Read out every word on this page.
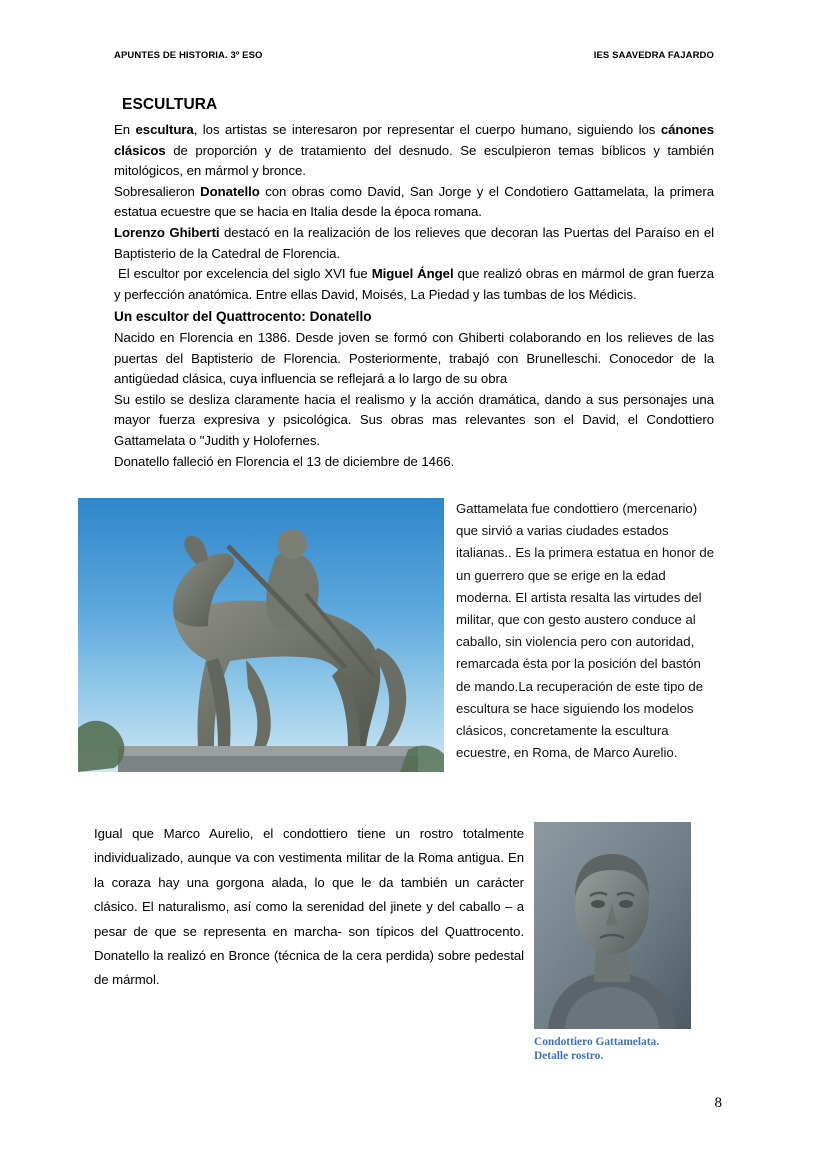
APUNTES DE HISTORIA. 3º ESO	IES SAAVEDRA FAJARDO
ESCULTURA

En escultura, los artistas se interesaron por representar el cuerpo humano, siguiendo los cánones clásicos de proporción y de tratamiento del desnudo. Se esculpieron temas bíblicos y también mitológicos, en mármol y bronce.

Sobresalieron Donatello con obras como David, San Jorge y el Condotiero Gattamelata, la primera estatua ecuestre que se hacia en Italia desde la época romana.

Lorenzo Ghiberti destacó en la realización de los relieves que decoran las Puertas del Paraíso en el Baptisterio de la Catedral de Florencia.

El escultor por excelencia del siglo XVI fue Miguel Ángel que realizó obras en mármol de gran fuerza y perfección anatómica. Entre ellas David, Moisés, La Piedad y las tumbas de los Médicis.

Un escultor del Quattrocento: Donatello

Nacido en Florencia en 1386. Desde joven se formó con Ghiberti colaborando en los relieves de las puertas del Baptisterio de Florencia. Posteriormente, trabajó con Brunelleschi. Conocedor de la antigüedad clásica, cuya influencia se reflejará a lo largo de su obra

Su estilo se desliza claramente hacia el realismo y la acción dramática, dando a sus personajes una mayor fuerza expresiva y psicológica. Sus obras mas relevantes son el David, el Condottiero Gattamelata o "Judith y Holofernes.

Donatello falleció en Florencia el 13 de diciembre de 1466.

Gattamelata fue condottiero (mercenario) que sirvió a varias ciudades estados italianas.. Es la primera estatua en honor de un guerrero que se erige en la edad moderna. El artista resalta las virtudes del militar, que con gesto austero conduce al caballo, sin violencia pero con autoridad, remarcada ésta por la posición del bastón de mando.La recuperación de este tipo de escultura se hace siguiendo los modelos clásicos, concretamente la escultura ecuestre, en Roma, de Marco Aurelio.
Igual que Marco Aurelio, el condottiero tiene un rostro totalmente individualizado, aunque va con vestimenta militar de la Roma antigua. En la coraza hay una gorgona alada, lo que le da también un carácter clásico. El naturalismo, así como la serenidad del jinete y del caballo – a pesar de que se representa en marcha- son típicos del Quattrocento. Donatello la realizó en Bronce (técnica de la cera perdida) sobre pedestal de mármol.
Condottiero Gattamelata.
Detalle rostro.
8
